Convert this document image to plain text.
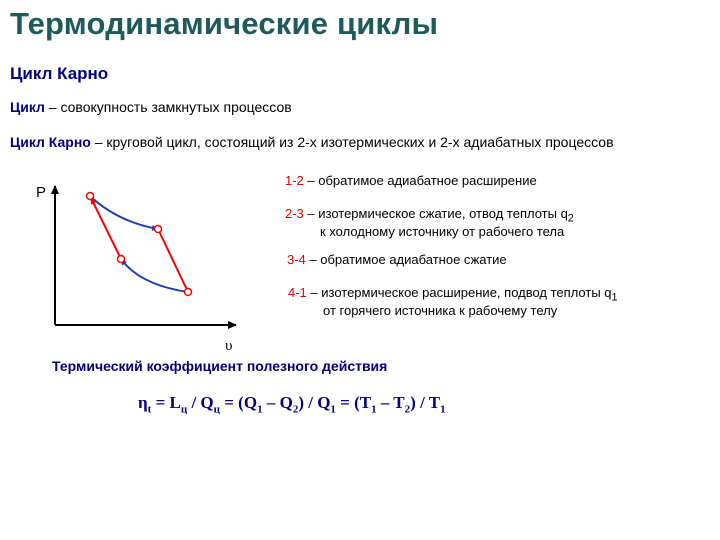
Термодинамические циклы
Цикл Карно
Цикл – совокупность замкнутых процессов
Цикл Карно – круговой цикл, состоящий из 2-х изотермических и 2-х адиабатных процессов
P
υ
1-2 – обратимое адиабатное расширение
2-3 – изотермическое сжатие, отвод теплоты $q_2$
к холодному источнику от рабочего тела
3-4 – обратимое адиабатное сжатие
4-1 – изотермическое расширение, подвод теплоты $q_1$
от горячего источника к рабочему телу
Термический коэффициент полезного действия
$\eta_t = L_ц / Q_ц = (Q_1 - Q_2) / Q_1 = (T_1 - T_2) / T_1$
